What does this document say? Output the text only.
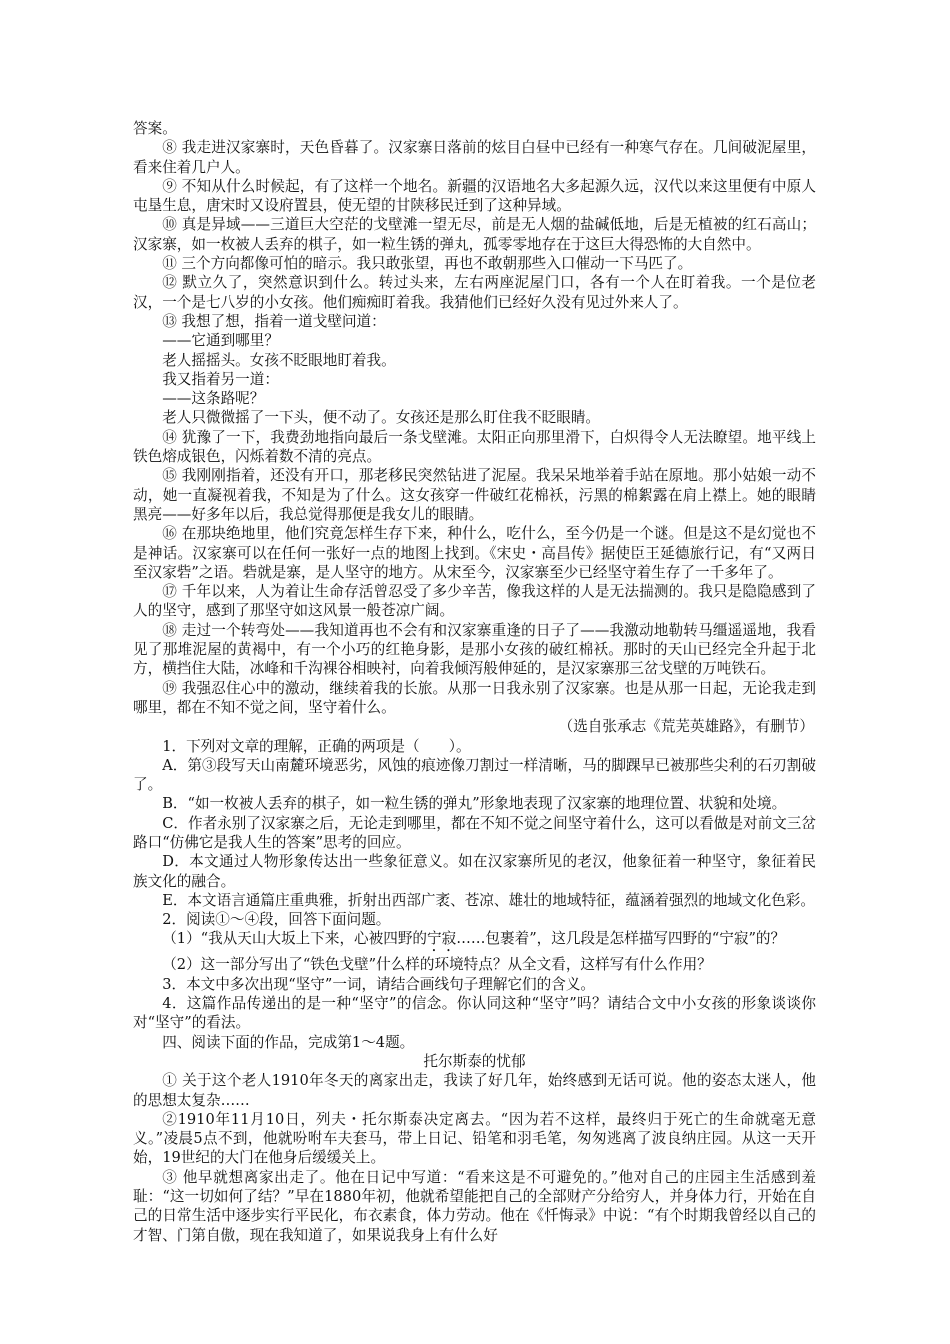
答案。

⑧ 我走进汉家寨时，天色昏暮了。汉家寨日落前的炫目白昼中已经有一种寒气存在。几间破泥屋里，看来住着几户人。

⑨ 不知从什么时候起，有了这样一个地名。新疆的汉语地名大多起源久远，汉代以来这里便有中原人屯垦生息，唐宋时又设府置县，使无望的甘陕移民迁到了这种异域。

⑩ 真是异域——三道巨大空茫的戈壁滩一望无尽，前是无人烟的盐碱低地，后是无植被的红石高山；汉家寨，如一枚被人丢弃的棋子，如一粒生锈的弹丸，孤零零地存在于这巨大得恐怖的大自然中。

⑪ 三个方向都像可怕的暗示。我只敢张望，再也不敢朝那些入口催动一下马匹了。

⑫ 默立久了，突然意识到什么。转过头来，左右两座泥屋门口，各有一个人在盯着我。一个是位老汉，一个是七八岁的小女孩。他们痴痴盯着我。我猜他们已经好久没有见过外来人了。

⑬ 我想了想，指着一道戈壁问道：

——它通到哪里？

老人摇摇头。女孩不眨眼地盯着我。

我又指着另一道：

——这条路呢？

老人只微微摇了一下头，便不动了。女孩还是那么盯住我不眨眼睛。

⑭ 犹豫了一下，我费劲地指向最后一条戈壁滩。太阳正向那里滑下，白炽得令人无法瞭望。地平线上铁色熔成银色，闪烁着数不清的亮点。

⑮ 我刚刚指着，还没有开口，那老移民突然钻进了泥屋。我呆呆地举着手站在原地。那小姑娘一动不动，她一直凝视着我，不知是为了什么。这女孩穿一件破红花棉袄，污黑的棉絮露在肩上襟上。她的眼睛黑亮——好多年以后，我总觉得那便是我女儿的眼睛。

⑯ 在那块绝地里，他们究竟怎样生存下来，种什么，吃什么，至今仍是一个谜。但是这不是幻觉也不是神话。汉家寨可以在任何一张好一点的地图上找到。《宋史・高昌传》据使臣王延德旅行记，有“又两日至汉家砦”之语。砦就是寨，是人坚守的地方。从宋至今，汉家寨至少已经坚守着生存了一千多年了。

⑰ 千年以来，人为着让生命存活曾忍受了多少辛苦，像我这样的人是无法揣测的。我只是隐隐感到了人的坚守，感到了那坚守如这风景一般苍凉广阔。

⑱ 走过一个转弯处——我知道再也不会有和汉家寨重逢的日子了——我激动地勒转马缰遥遥地，我看见了那堆泥屋的黄褐中，有一个小巧的红艳身影，是那小女孩的破红棉袄。那时的天山已经完全升起于北方，横挡住大陆，冰峰和千沟裸谷相映衬，向着我倾泻般伸延的，是汉家寨那三岔戈壁的万吨铁石。

⑲ 我强忍住心中的激动，继续着我的长旅。从那一日我永别了汉家寨。也是从那一日起，无论我走到哪里，都在不知不觉之间，坚守着什么。

（选自张承志《荒芜英雄路》，有删节）

1．下列对文章的理解，正确的两项是（　　）。

A．第③段写天山南麓环境恶劣，风蚀的痕迹像刀割过一样清晰，马的脚踝早已被那些尖利的石刃割破了。

B．“如一枚被人丢弃的棋子，如一粒生锈的弹丸”形象地表现了汉家寨的地理位置、状貌和处境。

C．作者永别了汉家寨之后，无论走到哪里，都在不知不觉之间坚守着什么，这可以看做是对前文三岔路口“仿佛它是我人生的答案”思考的回应。

D．本文通过人物形象传达出一些象征意义。如在汉家寨所见的老汉，他象征着一种坚守，象征着民族文化的融合。

E．本文语言通篇庄重典雅，折射出西部广袤、苍凉、雄壮的地域特征，蕴涵着强烈的地域文化色彩。

2．阅读①～④段，回答下面问题。

（1）“我从天山大坂上下来，心被四野的宁寂……包裹着”，这几段是怎样描写四野的“宁寂”的？

（2）这一部分写出了“铁色戈壁”什么样的环境特点？从全文看，这样写有什么作用？

3．本文中多次出现“坚守”一词，请结合画线句子理解它们的含义。

4．这篇作品传递出的是一种“坚守”的信念。你认同这种“坚守”吗？请结合文中小女孩的形象谈谈你对“坚守”的看法。

四、阅读下面的作品，完成第1～4题。

托尔斯泰的忧郁

① 关于这个老人1910年冬天的离家出走，我读了好几年，始终感到无话可说。他的姿态太迷人，他的思想太复杂……

②1910年11月10日，列夫・托尔斯泰决定离去。“因为若不这样，最终归于死亡的生命就毫无意义。”凌晨5点不到，他就吩咐车夫套马，带上日记、铅笔和羽毛笔，匆匆逃离了波良纳庄园。从这一天开始，19世纪的大门在他身后缓缓关上。

③ 他早就想离家出走了。他在日记中写道：“看来这是不可避免的。”他对自己的庄园主生活感到羞耻：“这一切如何了结？”早在1880年初，他就希望能把自己的全部财产分给穷人，并身体力行，开始在自己的日常生活中逐步实行平民化，布衣素食，体力劳动。他在《忏悔录》中说：“有个时期我曾经以自己的才智、门第自傲，现在我知道了，如果说我身上有什么好
